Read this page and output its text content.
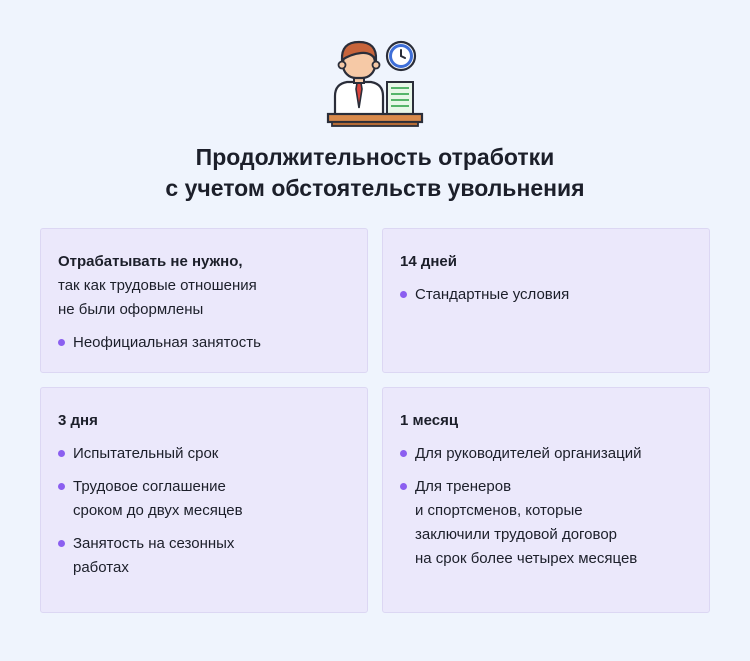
Продолжительность отработки
с учетом обстоятельств увольнения
Отрабатывать не нужно,
так как трудовые отношения
не были оформлены
Неофициальная занятость
14 дней
Стандартные условия
3 дня
Испытательный срок
Трудовое соглашение
сроком до двух месяцев
Занятость на сезонных
работах
1 месяц
Для руководителей организаций
Для тренеров
и спортсменов, которые
заключили трудовой договор
на срок более четырех месяцев
